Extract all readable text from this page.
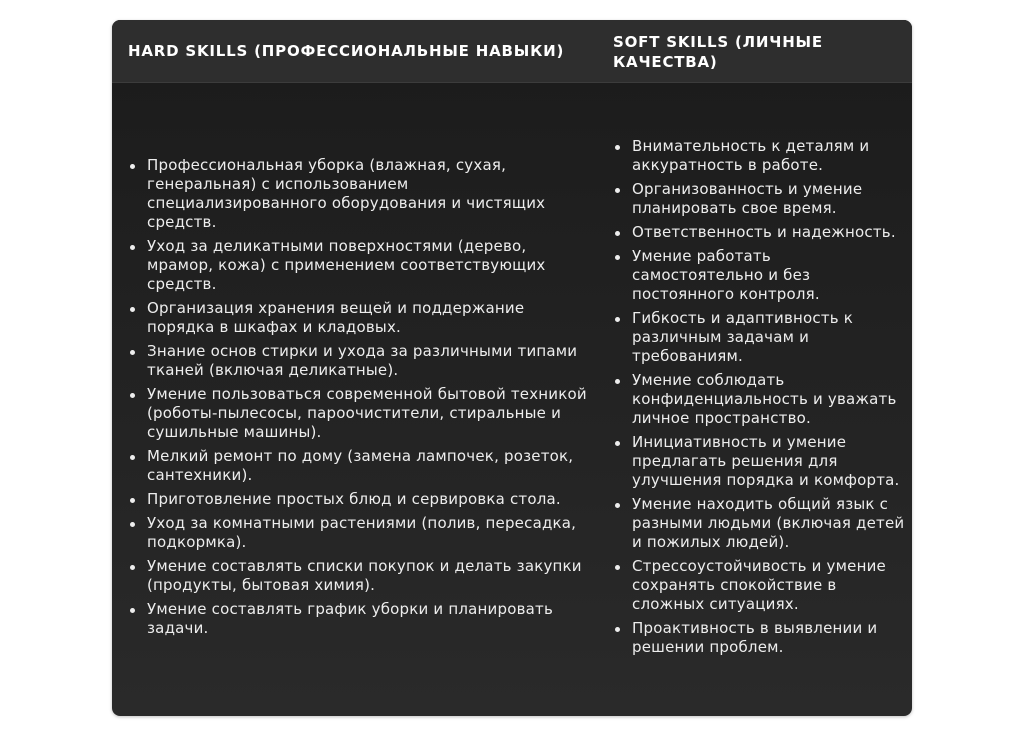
HARD SKILLS (ПРОФЕССИОНАЛЬНЫЕ НАВЫКИ)	SOFT SKILLS (ЛИЧНЫЕ КАЧЕСТВА)
Профессиональная уборка (влажная, сухая, генеральная) с использованием специализированного оборудования и чистящих средств.
Уход за деликатными поверхностями (дерево, мрамор, кожа) с применением соответствующих средств.
Организация хранения вещей и поддержание порядка в шкафах и кладовых.
Знание основ стирки и ухода за различными типами тканей (включая деликатные).
Умение пользоваться современной бытовой техникой (роботы-пылесосы, пароочистители, стиральные и сушильные машины).
Мелкий ремонт по дому (замена лампочек, розеток, сантехники).
Приготовление простых блюд и сервировка стола.
Уход за комнатными растениями (полив, пересадка, подкормка).
Умение составлять списки покупок и делать закупки (продукты, бытовая химия).
Умение составлять график уборки и планировать задачи.
Внимательность к деталям и аккуратность в работе.
Организованность и умение планировать свое время.
Ответственность и надежность.
Умение работать самостоятельно и без постоянного контроля.
Гибкость и адаптивность к различным задачам и требованиям.
Умение соблюдать конфиденциальность и уважать личное пространство.
Инициативность и умение предлагать решения для улучшения порядка и комфорта.
Умение находить общий язык с разными людьми (включая детей и пожилых людей).
Стрессоустойчивость и умение сохранять спокойствие в сложных ситуациях.
Проактивность в выявлении и решении проблем.
